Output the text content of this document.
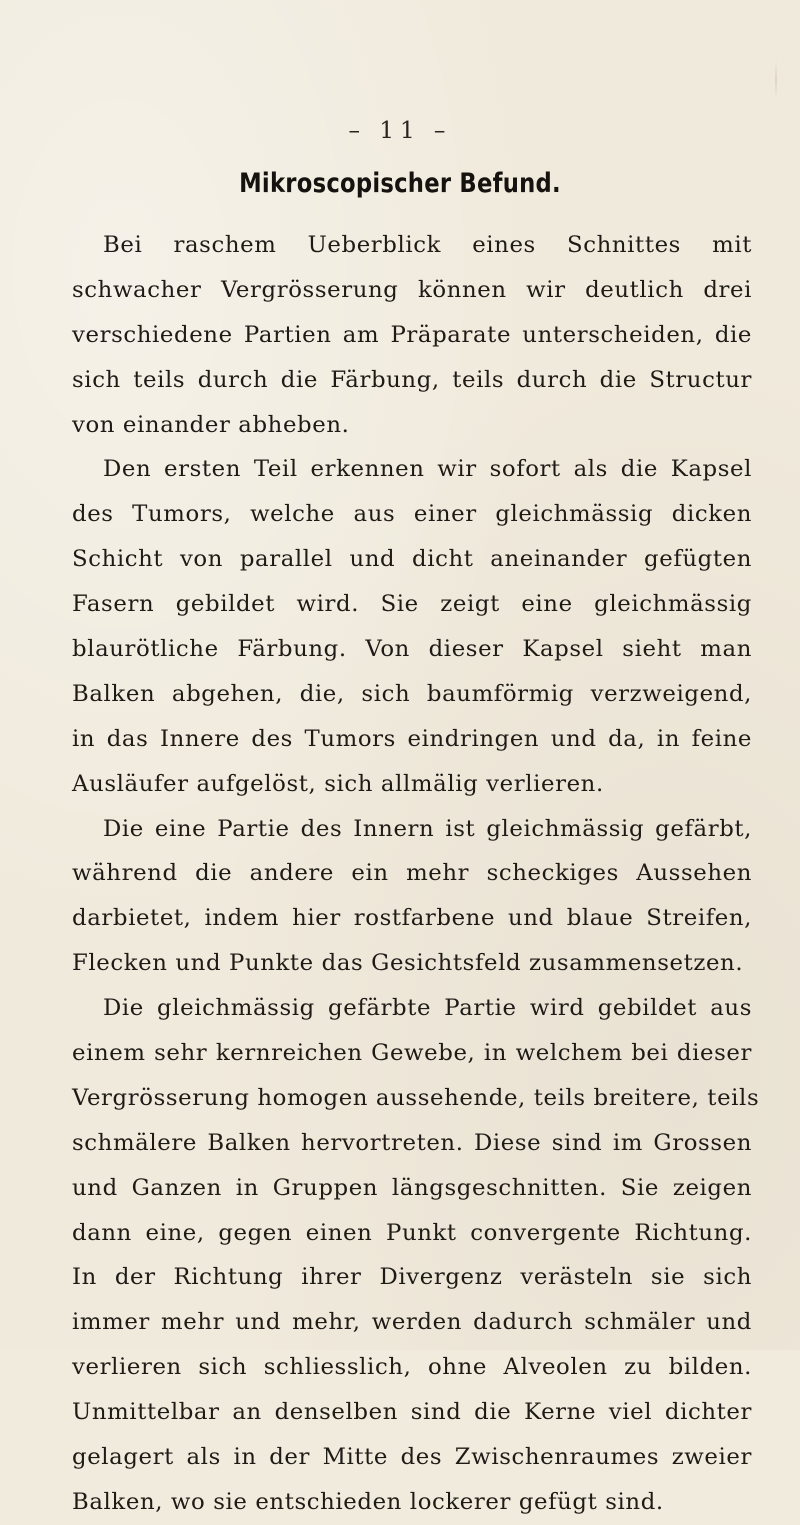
– 11 –
Mikroscopischer Befund.
Bei raschem Ueberblick eines Schnittes mit
schwacher Vergrösserung können wir deutlich drei
verschiedene Partien am Präparate unterscheiden, die
sich teils durch die Färbung, teils durch die Structur
von einander abheben.
Den ersten Teil erkennen wir sofort als die Kapsel
des Tumors, welche aus einer gleichmässig dicken
Schicht von parallel und dicht aneinander gefügten
Fasern gebildet wird. Sie zeigt eine gleichmässig
blaurötliche Färbung. Von dieser Kapsel sieht man
Balken abgehen, die, sich baumförmig verzweigend,
in das Innere des Tumors eindringen und da, in feine
Ausläufer aufgelöst, sich allmälig verlieren.
Die eine Partie des Innern ist gleichmässig gefärbt,
während die andere ein mehr scheckiges Aussehen
darbietet, indem hier rostfarbene und blaue Streifen,
Flecken und Punkte das Gesichtsfeld zusammensetzen.
Die gleichmässig gefärbte Partie wird gebildet aus
einem sehr kernreichen Gewebe, in welchem bei dieser
Vergrösserung homogen aussehende, teils breitere, teils
schmälere Balken hervortreten. Diese sind im Grossen
und Ganzen in Gruppen längsgeschnitten. Sie zeigen
dann eine, gegen einen Punkt convergente Richtung.
In der Richtung ihrer Divergenz verästeln sie sich
immer mehr und mehr, werden dadurch schmäler und
verlieren sich schliesslich, ohne Alveolen zu bilden.
Unmittelbar an denselben sind die Kerne viel dichter
gelagert als in der Mitte des Zwischenraumes zweier
Balken, wo sie entschieden lockerer gefügt sind.
